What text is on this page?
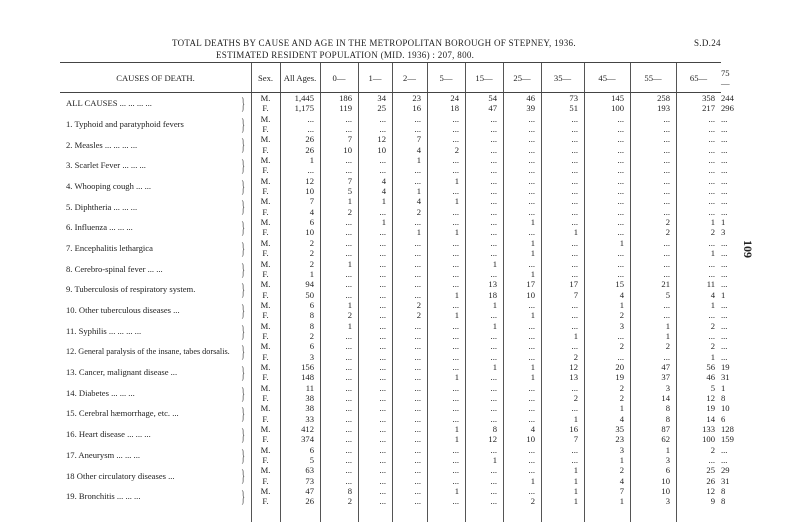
TOTAL DEATHS BY CAUSE AND AGE IN THE METROPOLITAN BOROUGH OF STEPNEY, 1936.	S.D.24
ESTIMATED RESIDENT POPULATION (MID. 1936) : 207, 800.
109
CAUSES OF DEATH.	Sex.	All Ages.	0—	1—	2—	5—	15—	25—	35—	45—	55—	65—	75—
ALL CAUSES ... ... ... ... }	M.	1,445	186	34	23	24	54	46	73	145	258	358	244
	F.	1,175	119	25	16	18	47	39	51	100	193	217	296
1. Typhoid and paratyphoid fevers }	M.	...	...	...	...	...	...	...	...	...	...	...	...
	F.	...	...	...	...	...	...	...	...	...	...	...	...
2. Measles ... ... ... ... }	M.	26	7	12	7	...	...	...	...	...	...	...	...
	F.	26	10	10	4	2	...	...	...	...	...	...	...
3. Scarlet Fever ... ... ... }	M.	1	...	...	1	...	...	...	...	...	...	...	...
	F.	...	...	...	...	...	...	...	...	...	...	...	...
4. Whooping cough ... ... }	M.	12	7	4	...	1	...	...	...	...	...	...	...
	F.	10	5	4	1	...	...	...	...	...	...	...	...
5. Diphtheria ... ... ... }	M.	7	1	1	4	1	...	...	...	...	...	...	...
	F.	4	2	...	2	...	...	...	...	...	...	...	...
6. Influenza ... ... ... }	M.	6	...	1	...	...	...	1	...	...	2	1	1
	F.	10	...	...	1	1	...	...	1	...	2	2	3
7. Encephalitis lethargica }	M.	2	...	...	...	...	...	1	...	1	...	...	...
	F.	2	...	...	...	...	...	1	...	...	...	1	...
8. Cerebro-spinal fever ... ... }	M.	2	1	...	...	...	1	...	...	...	...	...	...
	F.	1	...	...	...	...	...	1	...	...	...	...	...
9. Tuberculosis of respiratory system. }	M.	94	...	...	...	...	13	17	17	15	21	11	...
	F.	50	...	...	...	1	18	10	7	4	5	4	1
10. Other tuberculous diseases ... }	M.	6	1	...	2	...	1	...	...	1	...	1	...
	F.	8	2	...	2	1	...	1	...	2	...	...	...
11. Syphilis ... ... ... ... }	M.	8	1	...	...	...	1	...	...	3	1	2	...
	F.	2	...	...	...	...	...	...	1	...	1	...	...
12. General paralysis of the insane, tabes dorsalis. }	M.	6	...	...	...	...	...	...	...	2	2	2	...
	F.	3	...	...	...	...	...	...	2	...	...	1	...
13. Cancer, malignant disease ... }	M.	156	...	...	...	...	1	1	12	20	47	56	19
	F.	148	...	...	...	1	...	1	13	19	37	46	31
14. Diabetes ... ... ... }	M.	11	...	...	...	...	...	...	...	2	3	5	1
	F.	38	...	...	...	...	...	...	2	2	14	12	8
15. Cerebral hæmorrhage, etc. ... }	M.	38	...	...	...	...	...	...	...	1	8	19	10
	F.	33	...	...	...	...	...	...	1	4	8	14	6
16. Heart disease ... ... ... }	M.	412	...	...	...	1	8	4	16	35	87	133	128
	F.	374	...	...	...	1	12	10	7	23	62	100	159
17. Aneurysm ... ... ... }	M.	6	...	...	...	...	...	...	...	3	1	2	...
	F.	5	...	...	...	...	1	...	...	1	3	...	...
18 Other circulatory diseases ... }	M.	63	...	...	...	...	...	...	1	2	6	25	29
	F.	73	...	...	...	...	...	1	1	4	10	26	31
19. Bronchitis ... ... ... }	M.	47	8	...	...	1	...	...	1	7	10	12	8
	F.	26	2	...	...	...	...	2	1	1	3	9	8
